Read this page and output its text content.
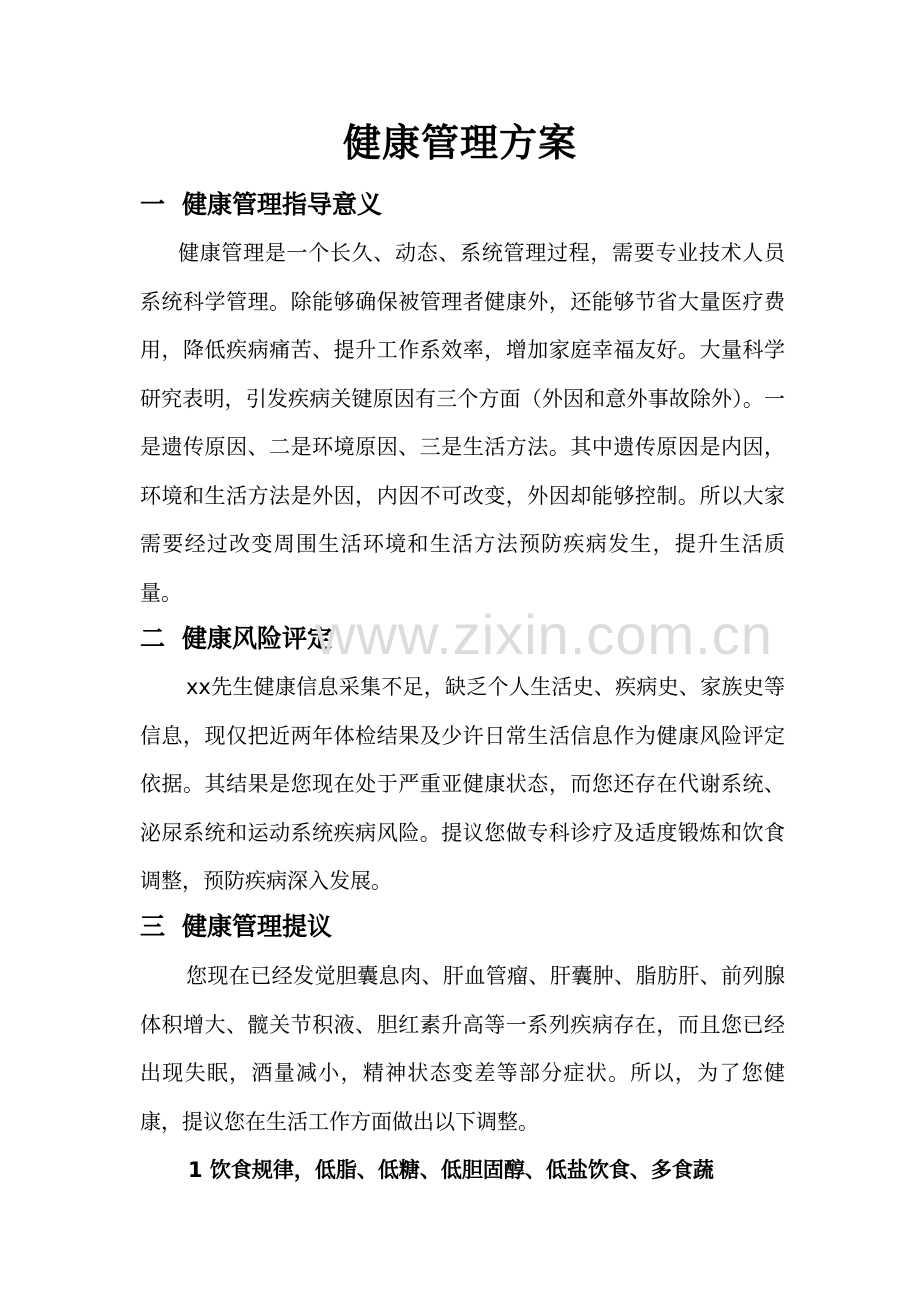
健康管理方案
一 健康管理指导意义

健康管理是一个长久、动态、系统管理过程，需要专业技术人员系统科学管理。除能够确保被管理者健康外，还能够节省大量医疗费用，降低疾病痛苦、提升工作系效率，增加家庭幸福友好。大量科学研究表明，引发疾病关键原因有三个方面（外因和意外事故除外）。一是遗传原因、二是环境原因、三是生活方法。其中遗传原因是内因，环境和生活方法是外因，内因不可改变，外因却能够控制。所以大家需要经过改变周围生活环境和生活方法预防疾病发生，提升生活质量。

二 健康风险评定

xx先生健康信息采集不足，缺乏个人生活史、疾病史、家族史等信息，现仅把近两年体检结果及少许日常生活信息作为健康风险评定依据。其结果是您现在处于严重亚健康状态，而您还存在代谢系统、泌尿系统和运动系统疾病风险。提议您做专科诊疗及适度锻炼和饮食调整，预防疾病深入发展。

三 健康管理提议

您现在已经发觉胆囊息肉、肝血管瘤、肝囊肿、脂肪肝、前列腺体积增大、髋关节积液、胆红素升高等一系列疾病存在，而且您已经出现失眠，酒量减小，精神状态变差等部分症状。所以，为了您健康，提议您在生活工作方面做出以下调整。

1 饮食规律，低脂、低糖、低胆固醇、低盐饮食、多食蔬
www.zixin.com.cn
